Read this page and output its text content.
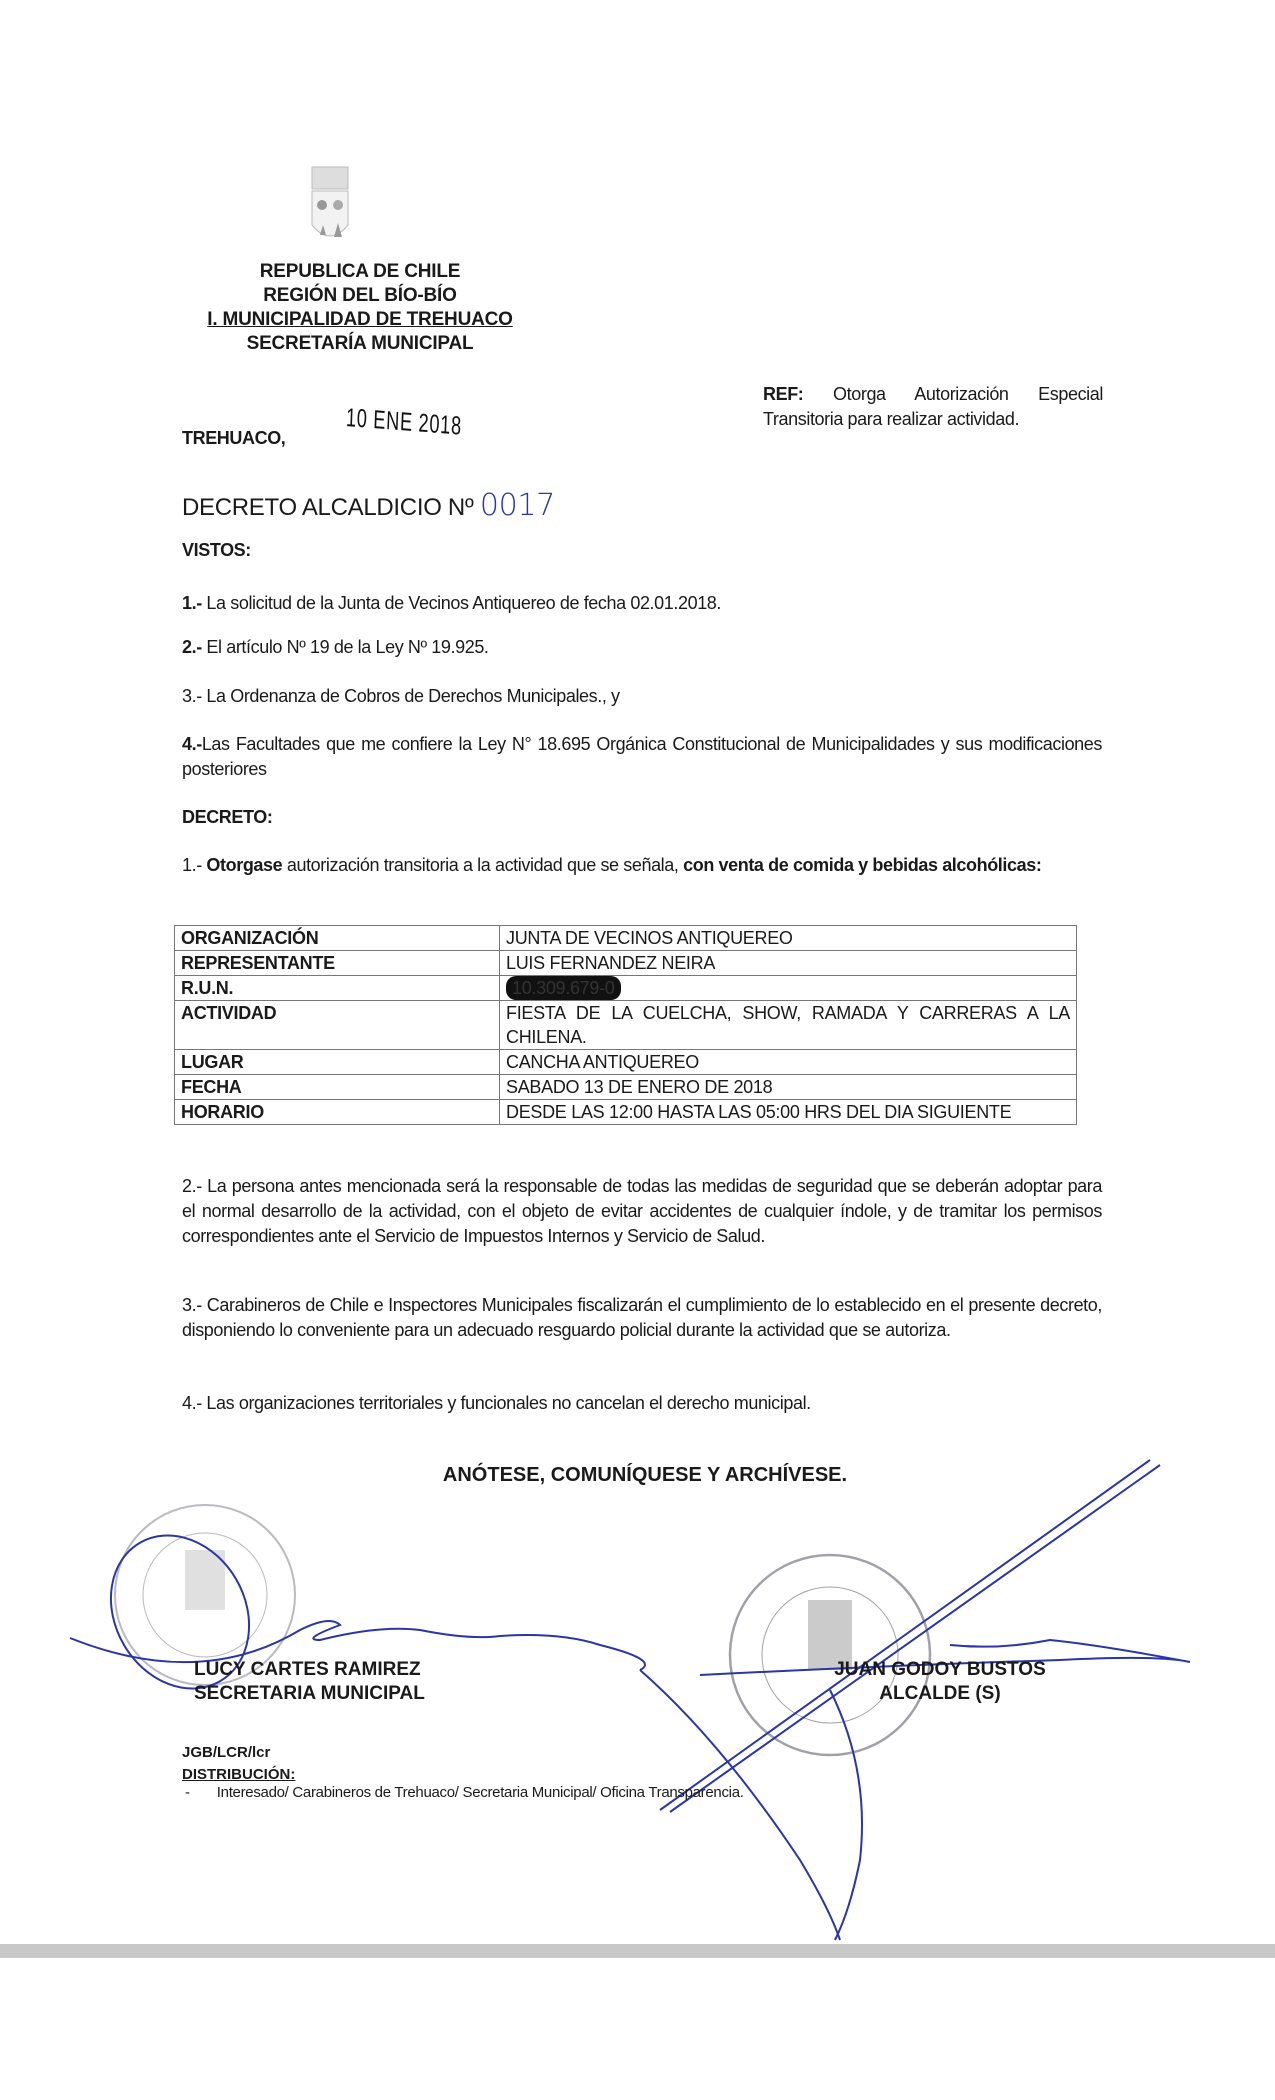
REPUBLICA DE CHILE
REGIÓN DEL BÍO-BÍO
I. MUNICIPALIDAD DE TREHUACO
SECRETARÍA MUNICIPAL
REF: Otorga Autorización Especial
Transitoria para realizar actividad.
TREHUACO, 10 ENE 2018
DECRETO ALCALDICIO Nº 0017
VISTOS:
1.- La solicitud de la Junta de Vecinos Antiquereo de fecha 02.01.2018.
2.- El artículo Nº 19 de la Ley Nº 19.925.
3.- La Ordenanza de Cobros de Derechos Municipales., y
4.-Las Facultades que me confiere la Ley N° 18.695 Orgánica Constitucional de Municipalidades y sus modificaciones posteriores
DECRETO:
1.- Otorgase autorización transitoria a la actividad que se señala, con venta de comida y bebidas alcohólicas:
ORGANIZACIÓN	JUNTA DE VECINOS ANTIQUEREO
REPRESENTANTE	LUIS FERNANDEZ NEIRA
R.U.N.	10.309.679-0
ACTIVIDAD	FIESTA DE LA CUELCHA, SHOW, RAMADA Y CARRERAS A LA CHILENA.
LUGAR	CANCHA ANTIQUEREO
FECHA	SABADO 13 DE ENERO DE 2018
HORARIO	DESDE LAS 12:00 HASTA LAS 05:00 HRS DEL DIA SIGUIENTE
2.- La persona antes mencionada será la responsable de todas las medidas de seguridad que se deberán adoptar para el normal desarrollo de la actividad, con el objeto de evitar accidentes de cualquier índole, y de tramitar los permisos correspondientes ante el Servicio de Impuestos Internos y Servicio de Salud.
3.- Carabineros de Chile e Inspectores Municipales fiscalizarán el cumplimiento de lo establecido en el presente decreto, disponiendo lo conveniente para un adecuado resguardo policial durante la actividad que se autoriza.
4.- Las organizaciones territoriales y funcionales no cancelan el derecho municipal.
ANÓTESE, COMUNÍQUESE Y ARCHÍVESE.
LUCY CARTES RAMIREZ
SECRETARIA MUNICIPAL
JUAN GODOY BUSTOS
ALCALDE (S)
JGB/LCR/lcr
DISTRIBUCIÓN:
-       Interesado/ Carabineros de Trehuaco/ Secretaria Municipal/ Oficina Transparencia.
